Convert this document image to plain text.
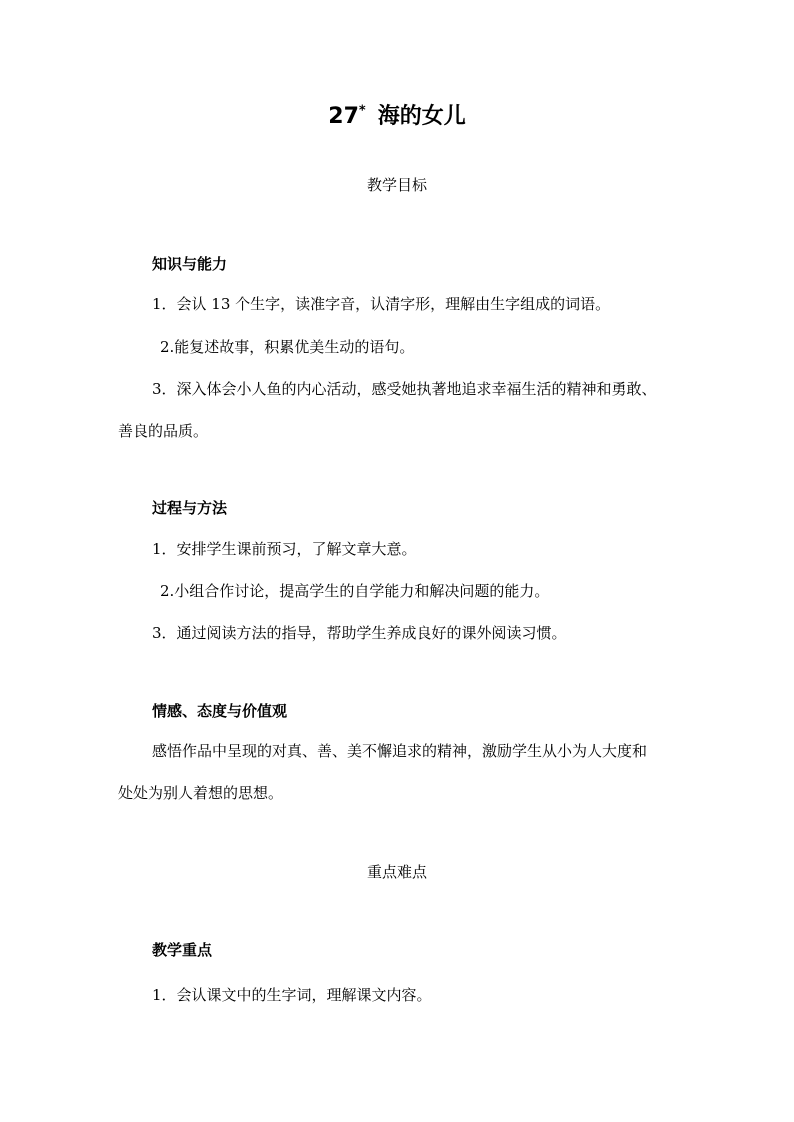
27* 海的女儿
教学目标
知识与能力

1．会认 13 个生字，读准字音，认清字形，理解由生字组成的词语。

2.能复述故事，积累优美生动的语句。

3．深入体会小人鱼的内心活动，感受她执著地追求幸福生活的精神和勇敢、

善良的品质。

过程与方法

1．安排学生课前预习，了解文章大意。

2.小组合作讨论，提高学生的自学能力和解决问题的能力。

3．通过阅读方法的指导，帮助学生养成良好的课外阅读习惯。

情感、态度与价值观

感悟作品中呈现的对真、善、美不懈追求的精神，激励学生从小为人大度和

处处为别人着想的思想。

重点难点
教学重点

1．会认课文中的生字词，理解课文内容。
